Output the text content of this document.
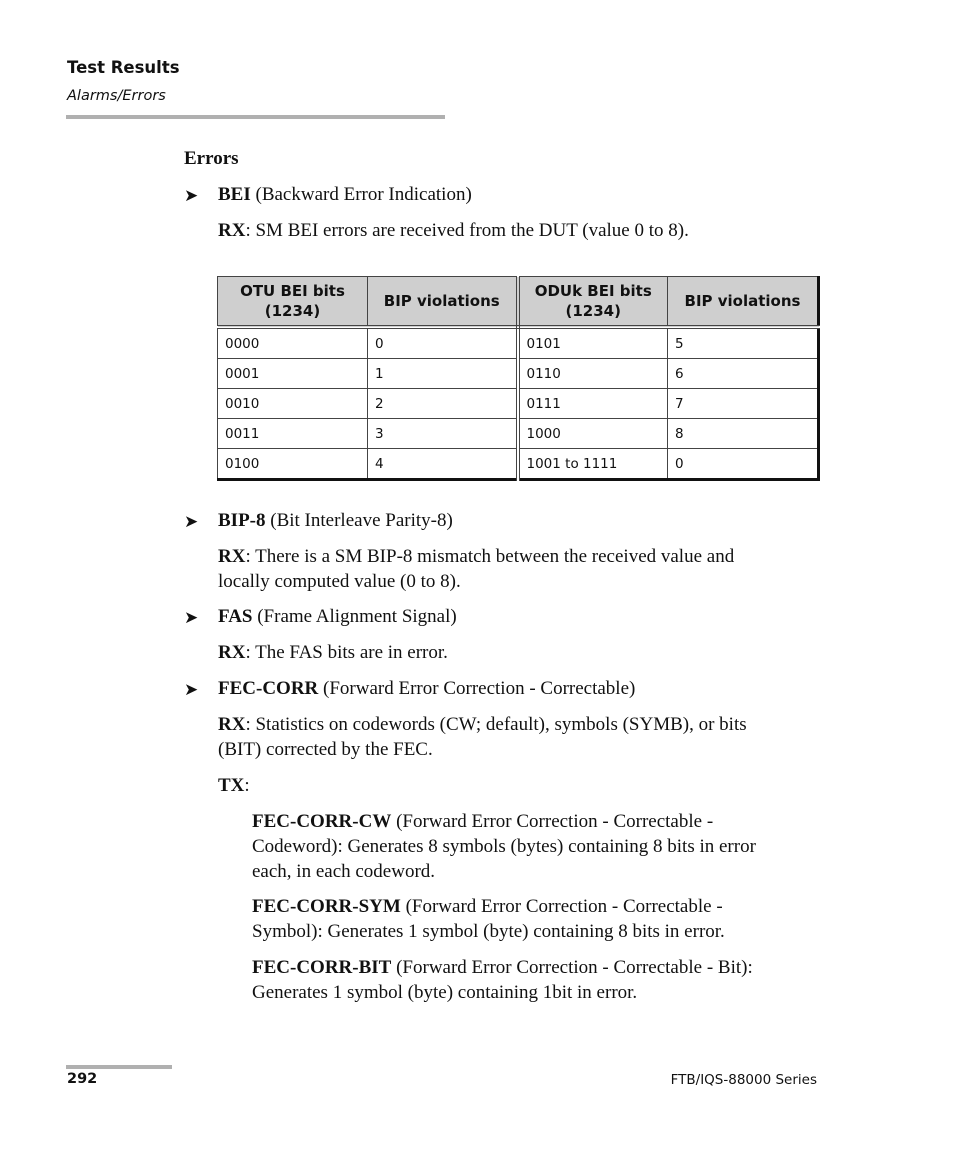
Test Results
Alarms/Errors
Errors
➤ BEI (Backward Error Indication)
RX: SM BEI errors are received from the DUT (value 0 to 8).
OTU BEI bits (1234)	BIP violations	ODUk BEI bits (1234)	BIP violations
0000	0	0101	5
0001	1	0110	6
0010	2	0111	7
0011	3	1000	8
0100	4	1001 to 1111	0
➤ BIP-8 (Bit Interleave Parity-8)
RX: There is a SM BIP-8 mismatch between the received value and
locally computed value (0 to 8).
➤ FAS (Frame Alignment Signal)
RX: The FAS bits are in error.
➤ FEC-CORR (Forward Error Correction - Correctable)
RX: Statistics on codewords (CW; default), symbols (SYMB), or bits
(BIT) corrected by the FEC.
TX:
FEC-CORR-CW (Forward Error Correction - Correctable -
Codeword): Generates 8 symbols (bytes) containing 8 bits in error
each, in each codeword.
FEC-CORR-SYM (Forward Error Correction - Correctable -
Symbol): Generates 1 symbol (byte) containing 8 bits in error.
FEC-CORR-BIT (Forward Error Correction - Correctable - Bit):
Generates 1 symbol (byte) containing 1bit in error.
292	FTB/IQS-88000 Series
